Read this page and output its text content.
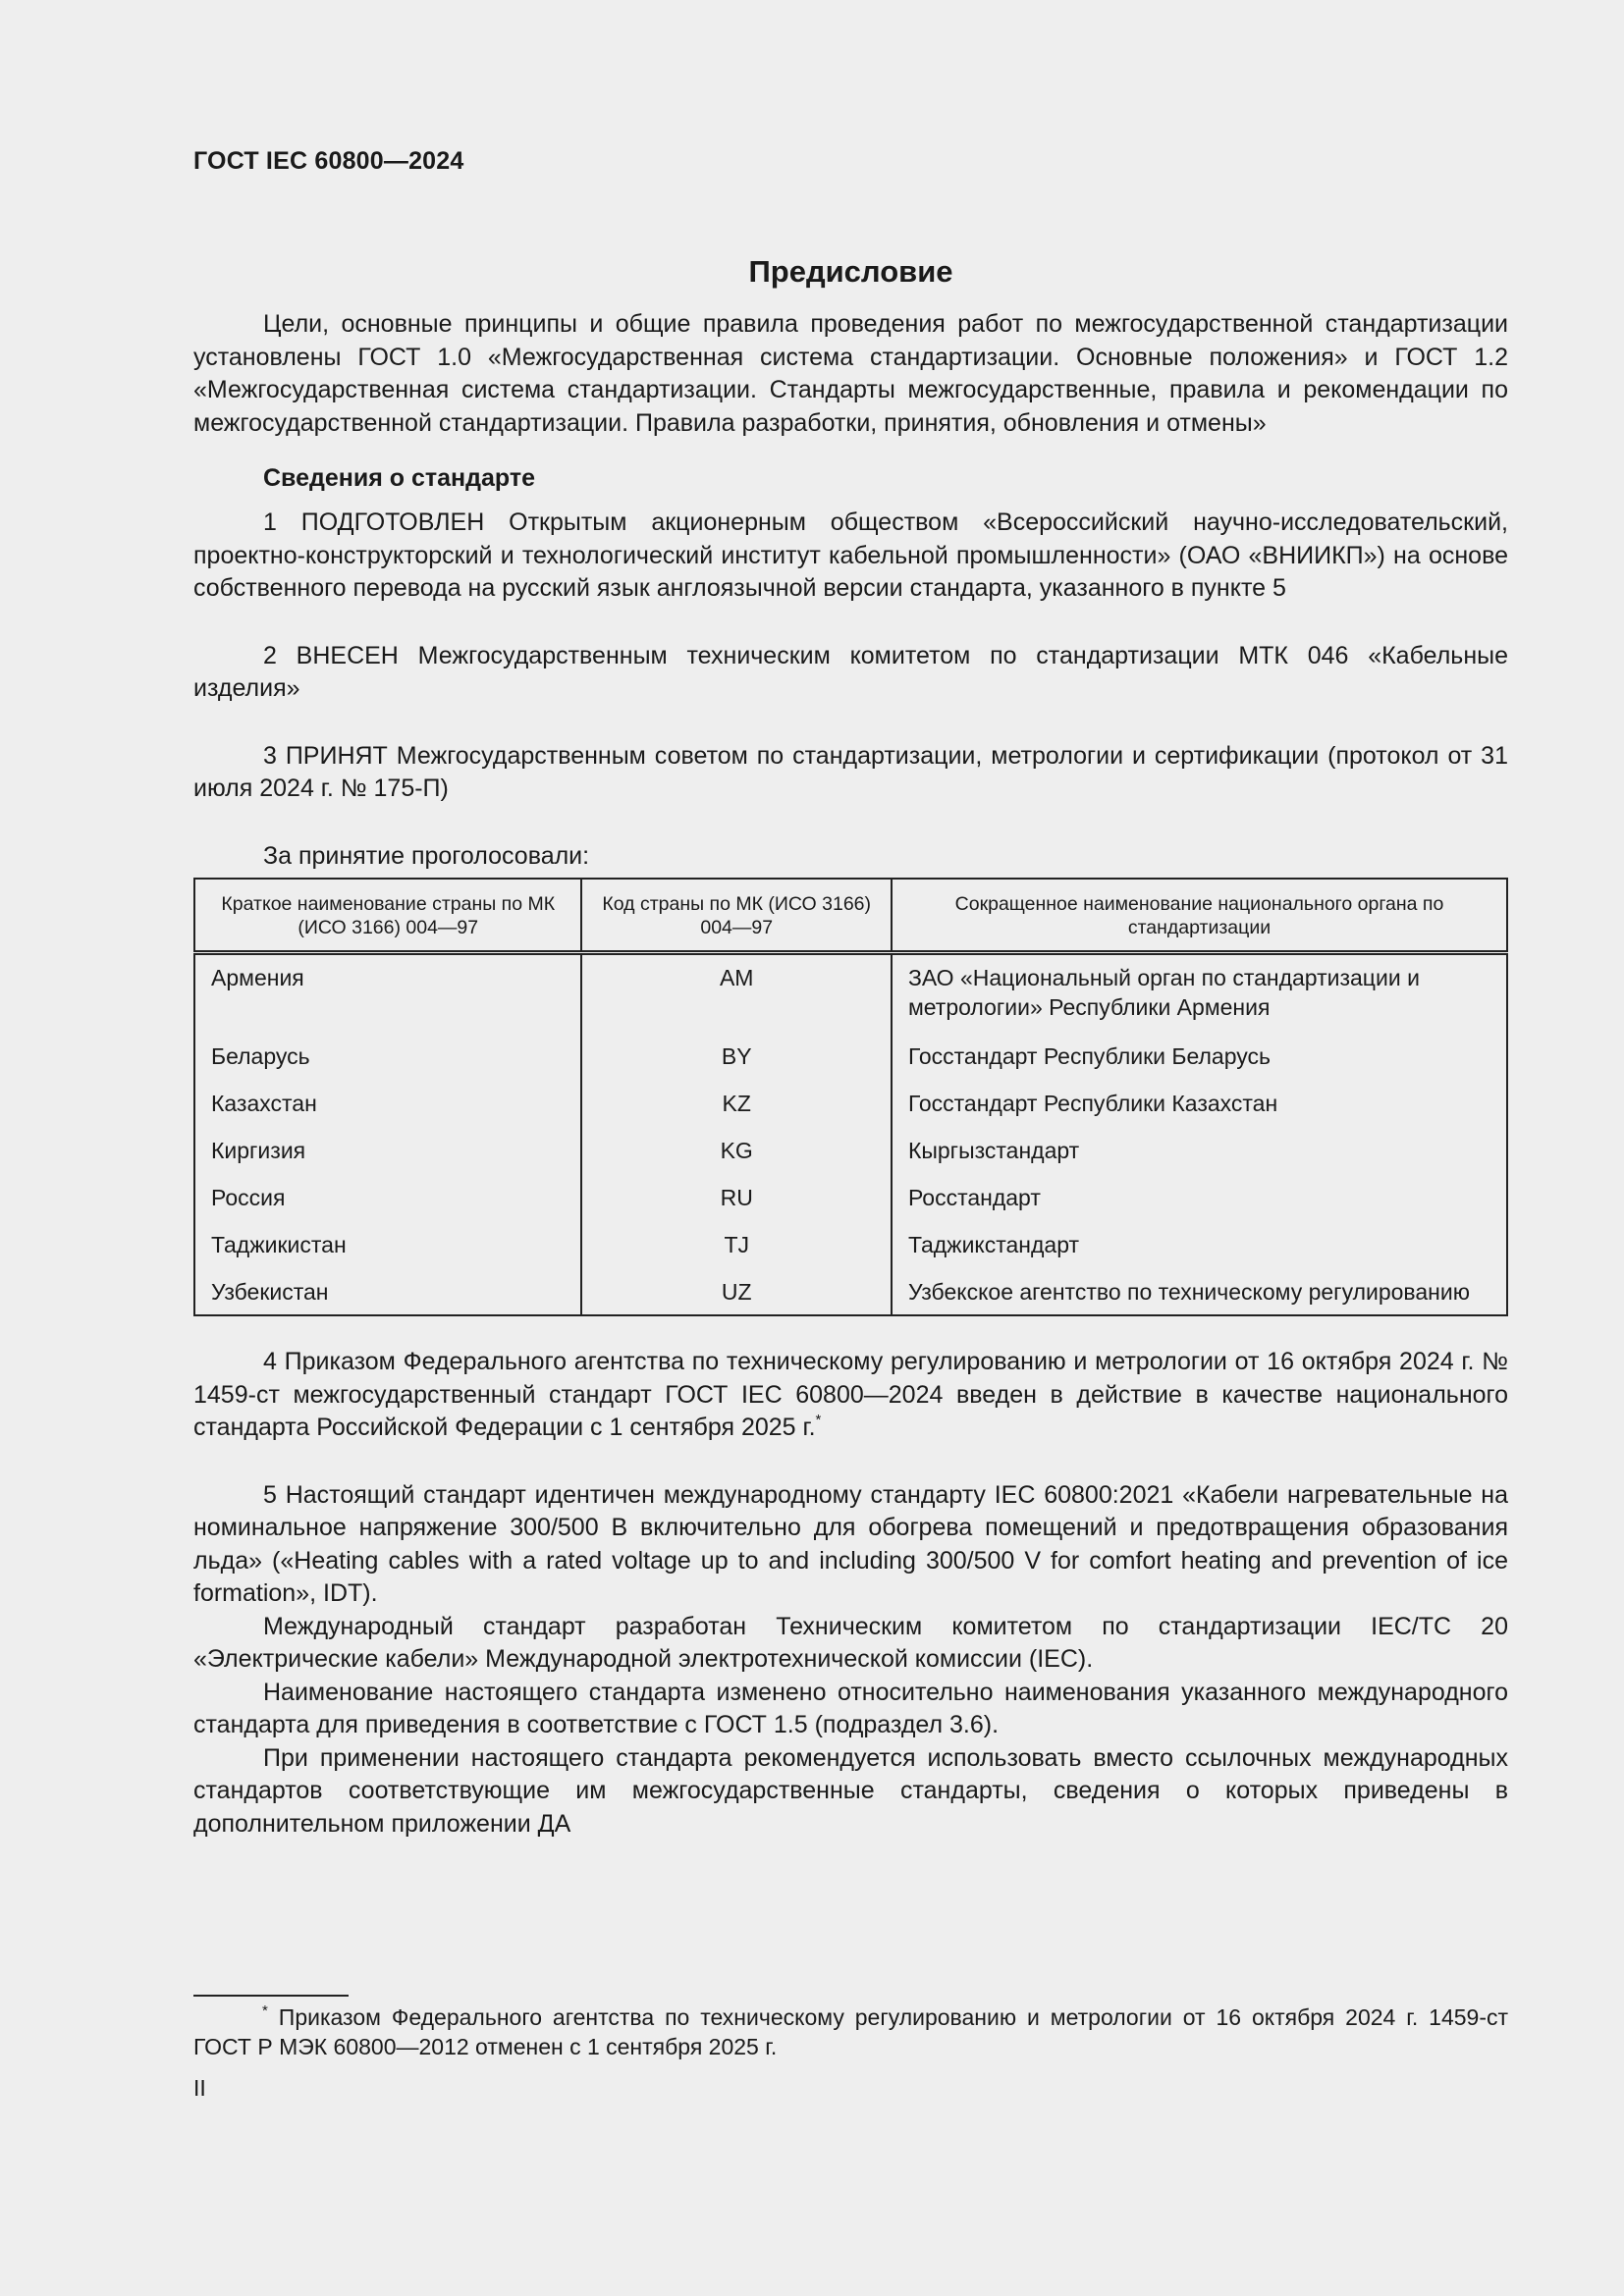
ГОСТ IEC 60800—2024
Предисловие

Цели, основные принципы и общие правила проведения работ по межгосударственной стандартизации установлены ГОСТ 1.0 «Межгосударственная система стандартизации. Основные положения» и ГОСТ 1.2 «Межгосударственная система стандартизации. Стандарты межгосударственные, правила и рекомендации по межгосударственной стандартизации. Правила разработки, принятия, обновления и отмены»

Сведения о стандарте

1 ПОДГОТОВЛЕН Открытым акционерным обществом «Всероссийский научно-исследовательский, проектно-конструкторский и технологический институт кабельной промышленности» (ОАО «ВНИИКП») на основе собственного перевода на русский язык англоязычной версии стандарта, указанного в пункте 5

2 ВНЕСЕН Межгосударственным техническим комитетом по стандартизации МТК 046 «Кабельные изделия»

3 ПРИНЯТ Межгосударственным советом по стандартизации, метрологии и сертификации (протокол от 31 июля 2024 г. № 175-П)

За принятие проголосовали:

Краткое наименование страны по МК (ИСО 3166) 004—97	Код страны по МК (ИСО 3166) 004—97	Сокращенное наименование национального органа по стандартизации
Армения	AM	ЗАО «Национальный орган по стандартизации и метрологии» Республики Армения
Беларусь	BY	Госстандарт Республики Беларусь
Казахстан	KZ	Госстандарт Республики Казахстан
Киргизия	KG	Кыргызстандарт
Россия	RU	Росстандарт
Таджикистан	TJ	Таджикстандарт
Узбекистан	UZ	Узбекское агентство по техническому регулированию

4 Приказом Федерального агентства по техническому регулированию и метрологии от 16 октября 2024 г. № 1459-ст межгосударственный стандарт ГОСТ IEC 60800—2024 введен в действие в качестве национального стандарта Российской Федерации с 1 сентября 2025 г.*

5 Настоящий стандарт идентичен международному стандарту IEC 60800:2021 «Кабели нагревательные на номинальное напряжение 300/500 В включительно для обогрева помещений и предотвращения образования льда» («Heating cables with a rated voltage up to and including 300/500 V for comfort heating and prevention of ice formation», IDT).

Международный стандарт разработан Техническим комитетом по стандартизации IEC/TC 20 «Электрические кабели» Международной электротехнической комиссии (IEC).

Наименование настоящего стандарта изменено относительно наименования указанного международного стандарта для приведения в соответствие с ГОСТ 1.5 (подраздел 3.6).

При применении настоящего стандарта рекомендуется использовать вместо ссылочных международных стандартов соответствующие им межгосударственные стандарты, сведения о которых приведены в дополнительном приложении ДА

* Приказом Федерального агентства по техническому регулированию и метрологии от 16 октября 2024 г. 1459-ст ГОСТ Р МЭК 60800—2012 отменен с 1 сентября 2025 г.
II
